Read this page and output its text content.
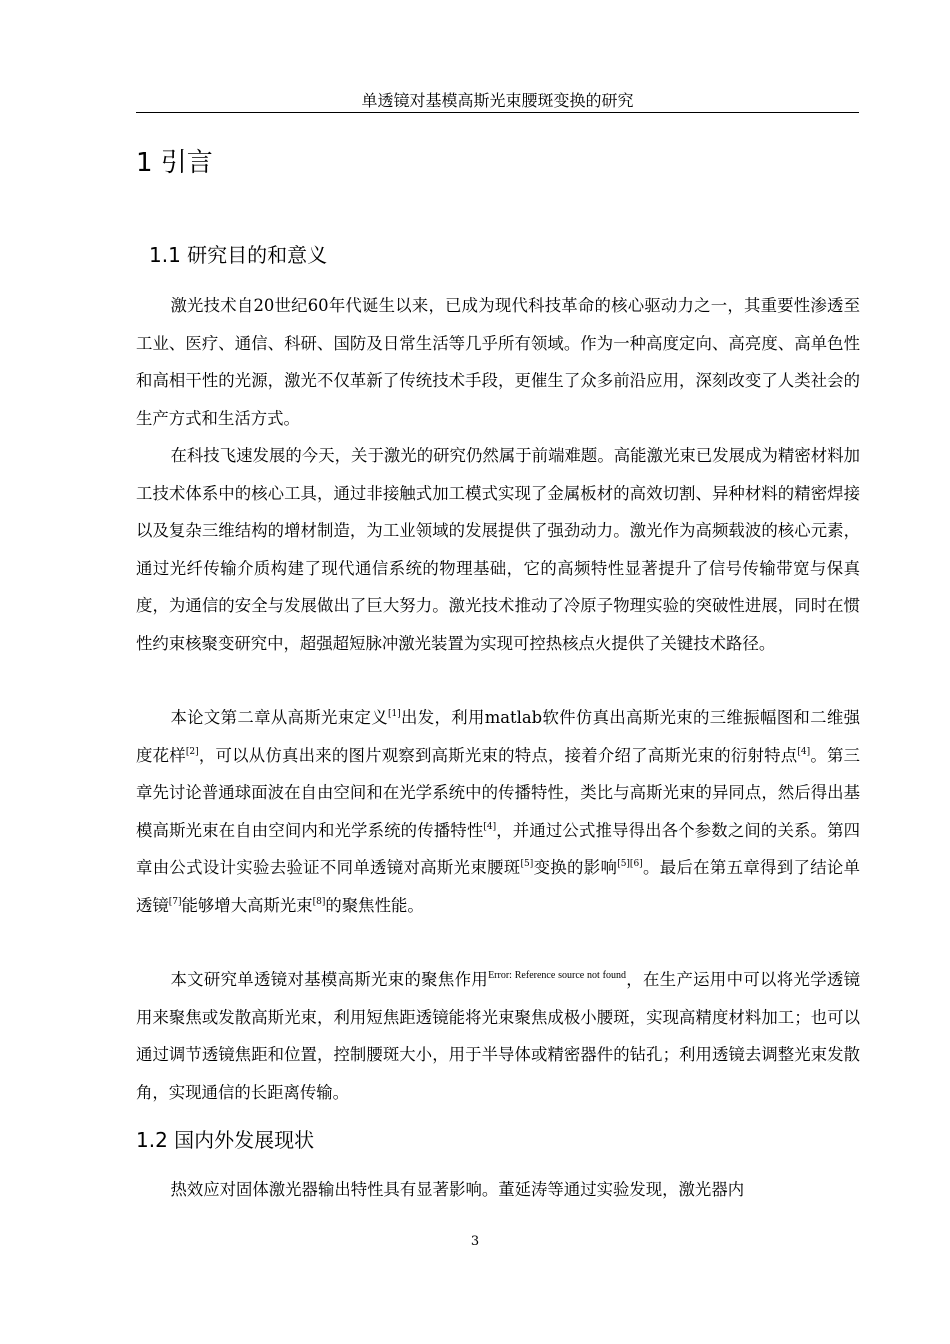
单透镜对基模高斯光束腰斑变换的研究
1 引言
1.1 研究目的和意义

激光技术自20世纪60年代诞生以来，已成为现代科技革命的核心驱动力之一，其重要性渗透至工业、医疗、通信、科研、国防及日常生活等几乎所有领域。作为一种高度定向、高亮度、高单色性和高相干性的光源，激光不仅革新了传统技术手段，更催生了众多前沿应用，深刻改变了人类社会的生产方式和生活方式。

在科技飞速发展的今天，关于激光的研究仍然属于前端难题。高能激光束已发展成为精密材料加工技术体系中的核心工具，通过非接触式加工模式实现了金属板材的高效切割、异种材料的精密焊接以及复杂三维结构的增材制造，为工业领域的发展提供了强劲动力。激光作为高频载波的核心元素，通过光纤传输介质构建了现代通信系统的物理基础，它的高频特性显著提升了信号传输带宽与保真度，为通信的安全与发展做出了巨大努力。激光技术推动了冷原子物理实验的突破性进展，同时在惯性约束核聚变研究中，超强超短脉冲激光装置为实现可控热核点火提供了关键技术路径。

本论文第二章从高斯光束定义[1]出发，利用matlab软件仿真出高斯光束的三维振幅图和二维强度花样[2]，可以从仿真出来的图片观察到高斯光束的特点，接着介绍了高斯光束的衍射特点[4]。第三章先讨论普通球面波在自由空间和在光学系统中的传播特性，类比与高斯光束的异同点，然后得出基模高斯光束在自由空间内和光学系统的传播特性[4]，并通过公式推导得出各个参数之间的关系。第四章由公式设计实验去验证不同单透镜对高斯光束腰斑[5]变换的影响[5][6]。最后在第五章得到了结论单透镜[7]能够增大高斯光束[8]的聚焦性能。

本文研究单透镜对基模高斯光束的聚焦作用$^{Error: Reference source not found}$，在生产运用中可以将光学透镜用来聚焦或发散高斯光束，利用短焦距透镜能将光束聚焦成极小腰斑，实现高精度材料加工；也可以通过调节透镜焦距和位置，控制腰斑大小，用于半导体或精密器件的钻孔；利用透镜去调整光束发散角，实现通信的长距离传输。

1.2 国内外发展现状

热效应对固体激光器输出特性具有显著影响。董延涛等通过实验发现，激光器内

3
